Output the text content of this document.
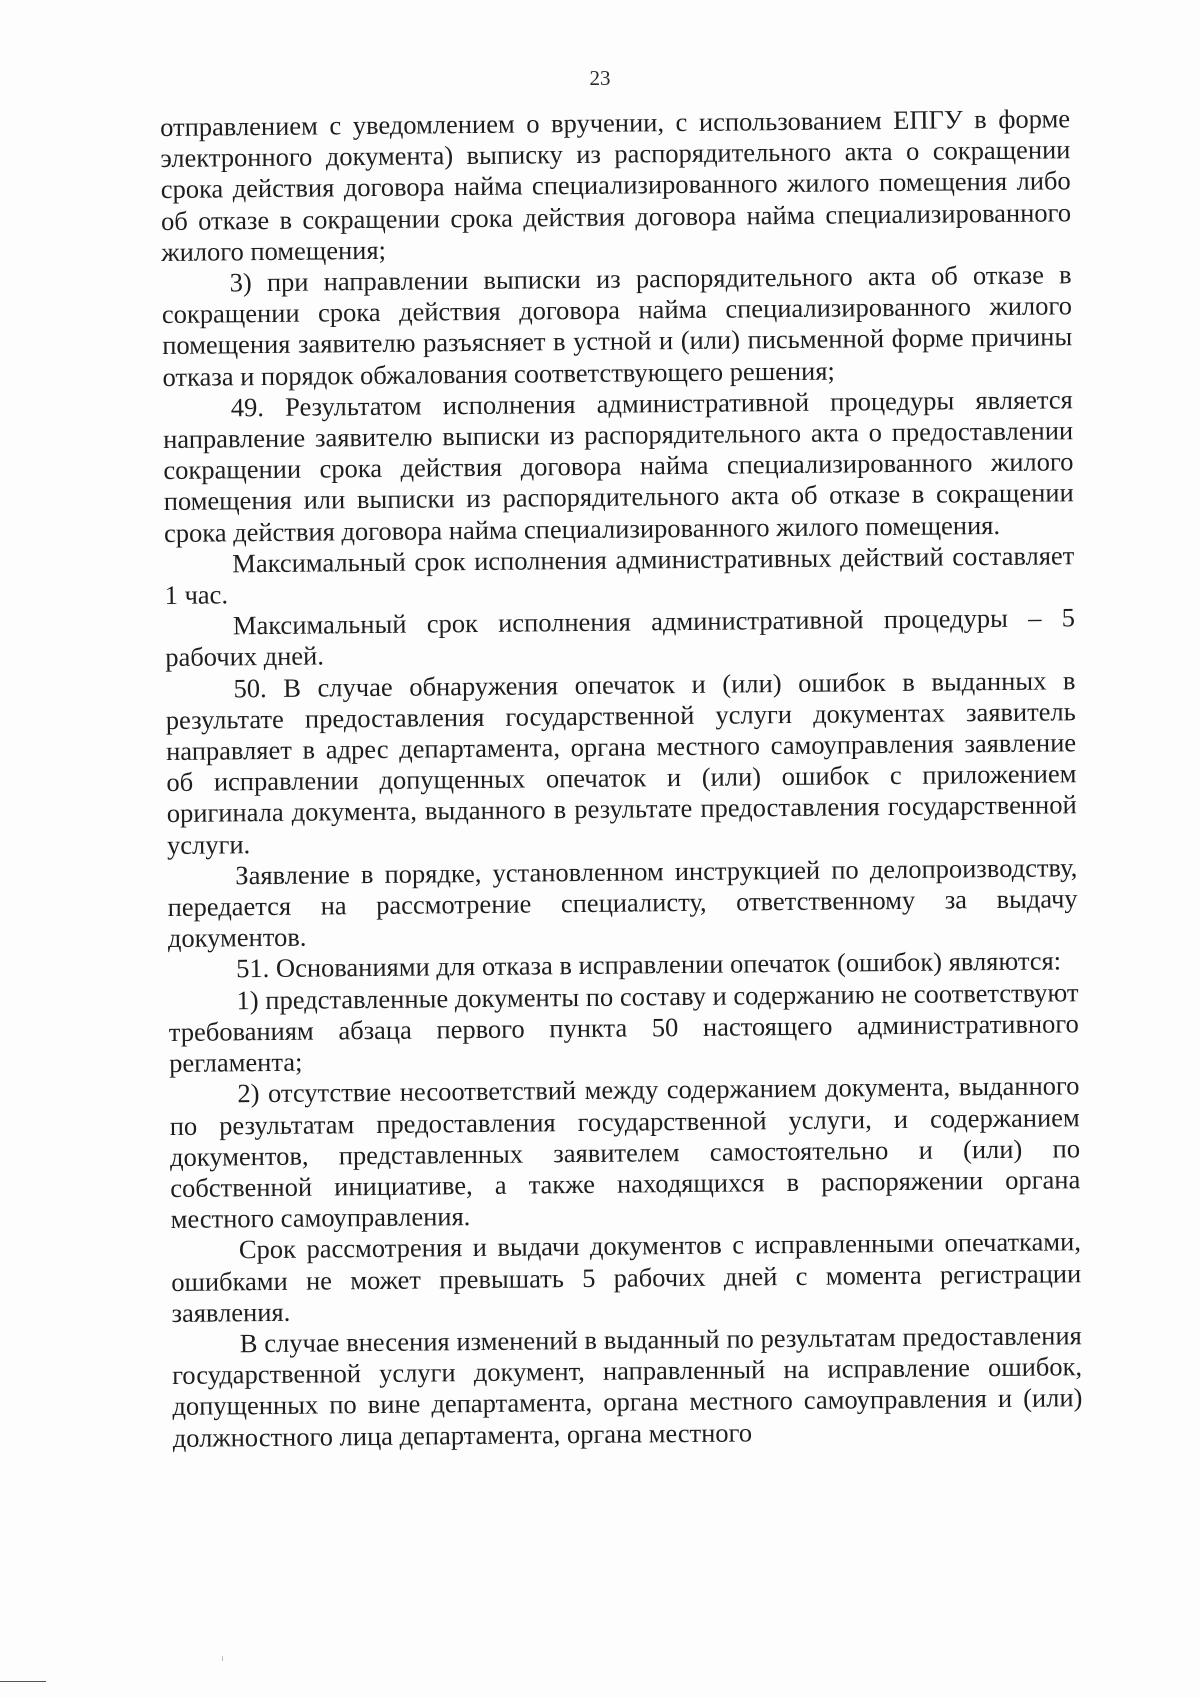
23

отправлением с уведомлением о вручении, с использованием ЕПГУ в форме электронного документа) выписку из распорядительного акта о сокращении срока действия договора найма специализированного жилого помещения либо об отказе в сокращении срока действия договора найма специализированного жилого помещения;

3) при направлении выписки из распорядительного акта об отказе в сокращении срока действия договора найма специализированного жилого помещения заявителю разъясняет в устной и (или) письменной форме причины отказа и порядок обжалования соответствующего решения;

49. Результатом исполнения административной процедуры является направление заявителю выписки из распорядительного акта о предоставлении сокращении срока действия договора найма специализированного жилого помещения или выписки из распорядительного акта об отказе в сокращении срока действия договора найма специализированного жилого помещения.

Максимальный срок исполнения административных действий составляет 1 час.

Максимальный срок исполнения административной процедуры – 5 рабочих дней.

50. В случае обнаружения опечаток и (или) ошибок в выданных в результате предоставления государственной услуги документах заявитель направляет в адрес департамента, органа местного самоуправления заявление об исправлении допущенных опечаток и (или) ошибок с приложением оригинала документа, выданного в результате предоставления государственной услуги.

Заявление в порядке, установленном инструкцией по делопроизводству, передается на рассмотрение специалисту, ответственному за выдачу документов.

51. Основаниями для отказа в исправлении опечаток (ошибок) являются:

1) представленные документы по составу и содержанию не соответствуют требованиям абзаца первого пункта 50 настоящего административного регламента;

2) отсутствие несоответствий между содержанием документа, выданного по результатам предоставления государственной услуги, и содержанием документов, представленных заявителем самостоятельно и (или) по собственной инициативе, а также находящихся в распоряжении органа местного самоуправления.

Срок рассмотрения и выдачи документов с исправленными опечатками, ошибками не может превышать 5 рабочих дней с момента регистрации заявления.

В случае внесения изменений в выданный по результатам предоставления государственной услуги документ, направленный на исправление ошибок, допущенных по вине департамента, органа местного самоуправления и (или) должностного лица департамента, органа местного
